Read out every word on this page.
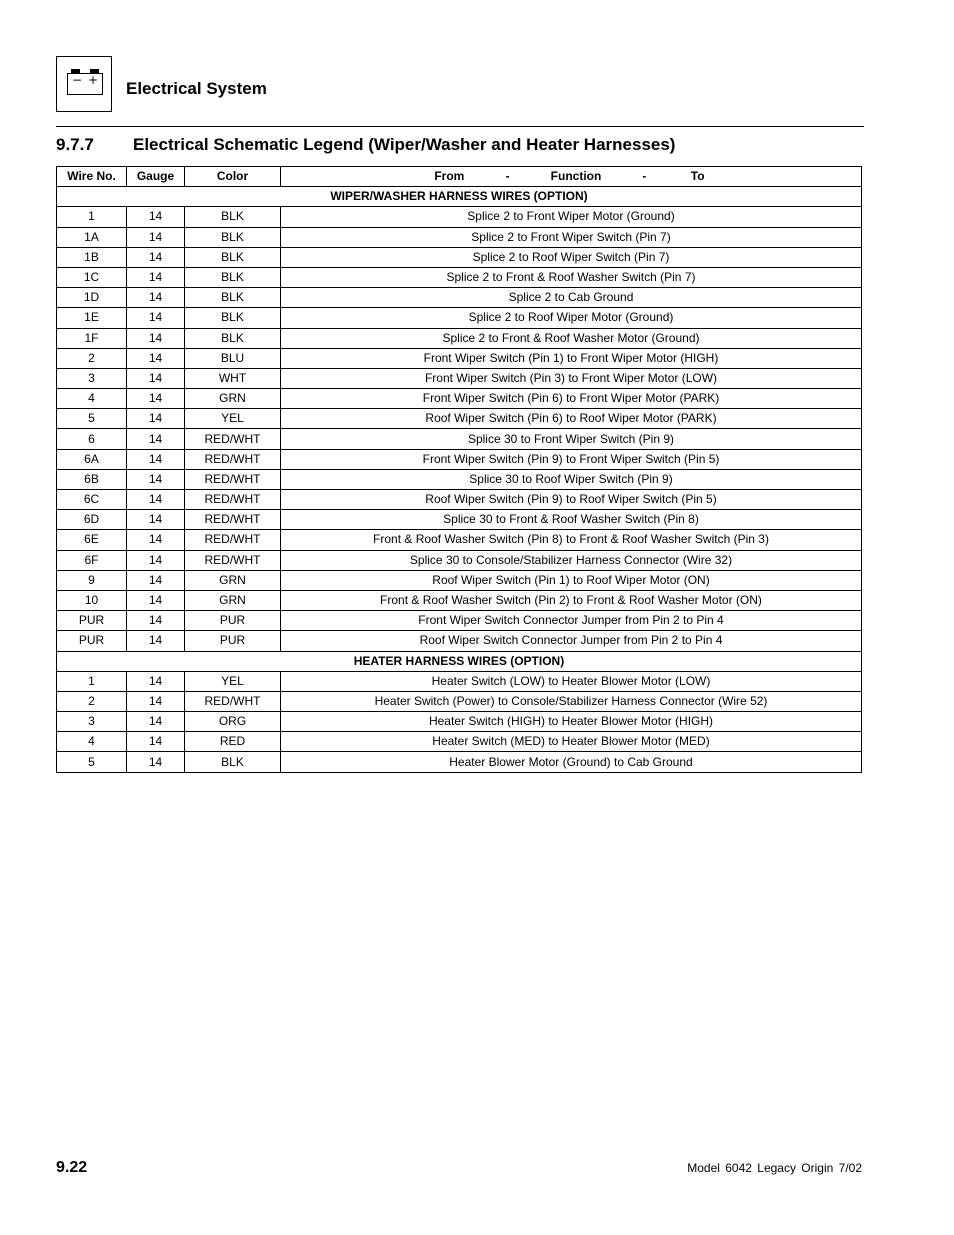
− + Electrical System
9.7.7 Electrical Schematic Legend (Wiper/Washer and Heater Harnesses)
Wire No.	Gauge	Color	From - Function - To
WIPER/WASHER HARNESS WIRES (OPTION)			
1	14	BLK	Splice 2 to Front Wiper Motor (Ground)
1A	14	BLK	Splice 2 to Front Wiper Switch (Pin 7)
1B	14	BLK	Splice 2 to Roof Wiper Switch (Pin 7)
1C	14	BLK	Splice 2 to Front & Roof Washer Switch (Pin 7)
1D	14	BLK	Splice 2 to Cab Ground
1E	14	BLK	Splice 2 to Roof Wiper Motor (Ground)
1F	14	BLK	Splice 2 to Front & Roof Washer Motor (Ground)
2	14	BLU	Front Wiper Switch (Pin 1) to Front Wiper Motor (HIGH)
3	14	WHT	Front Wiper Switch (Pin 3) to Front Wiper Motor (LOW)
4	14	GRN	Front Wiper Switch (Pin 6) to Front Wiper Motor (PARK)
5	14	YEL	Roof Wiper Switch (Pin 6) to Roof Wiper Motor (PARK)
6	14	RED/WHT	Splice 30 to Front Wiper Switch (Pin 9)
6A	14	RED/WHT	Front Wiper Switch (Pin 9) to Front Wiper Switch (Pin 5)
6B	14	RED/WHT	Splice 30 to Roof Wiper Switch (Pin 9)
6C	14	RED/WHT	Roof Wiper Switch (Pin 9) to Roof Wiper Switch (Pin 5)
6D	14	RED/WHT	Splice 30 to Front & Roof Washer Switch (Pin 8)
6E	14	RED/WHT	Front & Roof Washer Switch (Pin 8) to Front & Roof Washer Switch (Pin 3)
6F	14	RED/WHT	Splice 30 to Console/Stabilizer Harness Connector (Wire 32)
9	14	GRN	Roof Wiper Switch (Pin 1) to Roof Wiper Motor (ON)
10	14	GRN	Front & Roof Washer Switch (Pin 2) to Front & Roof Washer Motor (ON)
PUR	14	PUR	Front Wiper Switch Connector Jumper from Pin 2 to Pin 4
PUR	14	PUR	Roof Wiper Switch Connector Jumper from Pin 2 to Pin 4
HEATER HARNESS WIRES (OPTION)			
1	14	YEL	Heater Switch (LOW) to Heater Blower Motor (LOW)
2	14	RED/WHT	Heater Switch (Power) to Console/Stabilizer Harness Connector (Wire 52)
3	14	ORG	Heater Switch (HIGH) to Heater Blower Motor (HIGH)
4	14	RED	Heater Switch (MED) to Heater Blower Motor (MED)
5	14	BLK	Heater Blower Motor (Ground) to Cab Ground
9.22	Model 6042 Legacy Origin 7/02
